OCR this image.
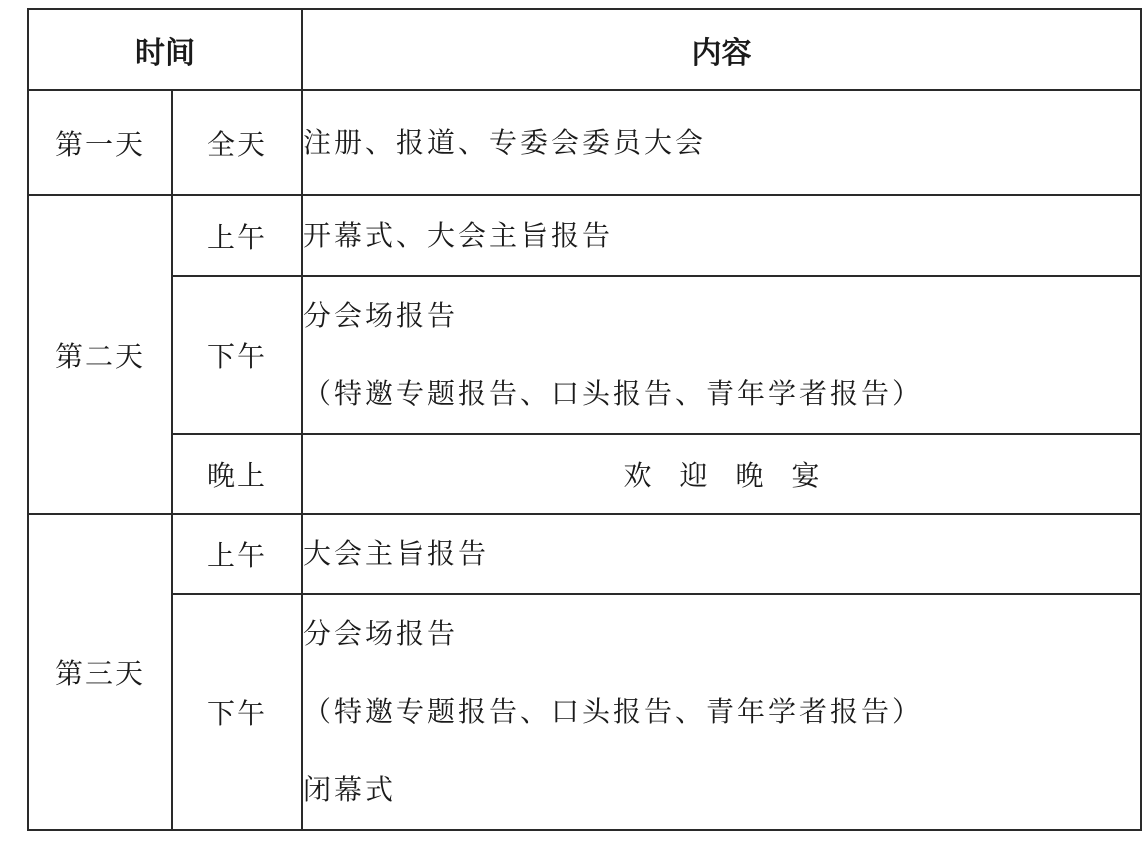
时间		内容
第一天	全天	注册、报道、专委会委员大会

第二天	上午	开幕式、大会主旨报告

	下午	分会场报告
（特邀专题报告、口头报告、青年学者报告）

	晚上	欢迎晚宴
第三天	上午	大会主旨报告

	下午	分会场报告
（特邀专题报告、口头报告、青年学者报告）
闭幕式
